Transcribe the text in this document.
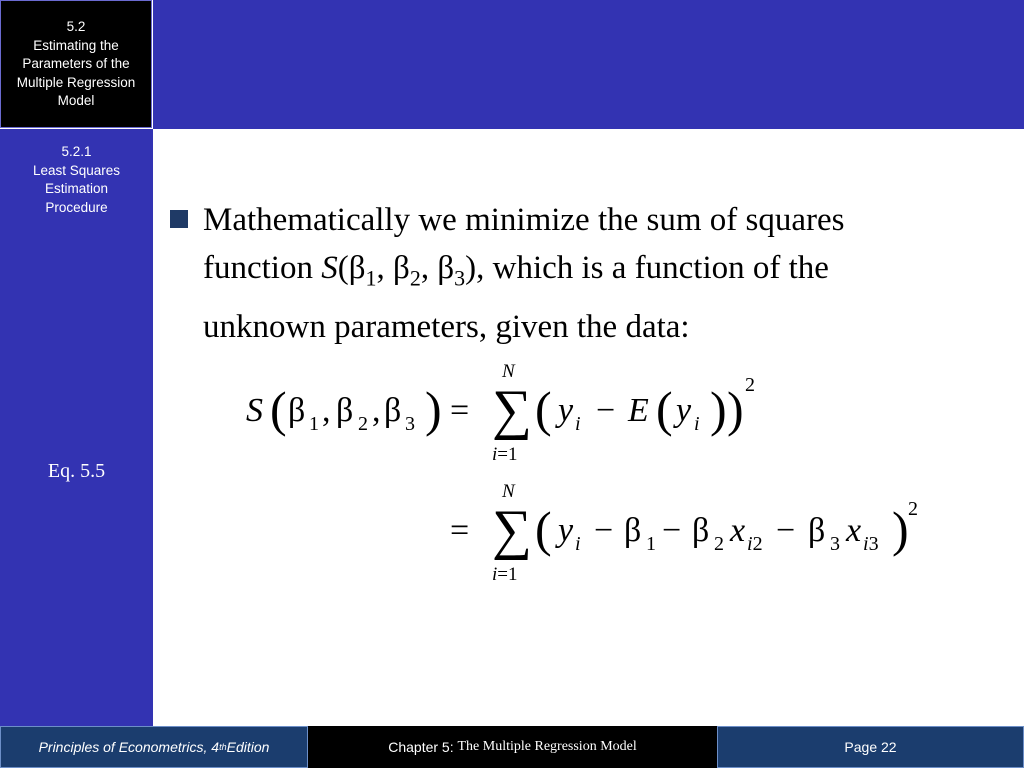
5.2
Estimating the Parameters of the Multiple Regression Model
5.2.1
Least Squares Estimation Procedure
Eq. 5.5
Mathematically we minimize the sum of squares
function $S(\beta_1$, $\beta_2$, $\beta_3$), which is a function of the
unknown parameters, given the data:
S ( β 1 , β 2 , β 3 ) = ∑
N
i=1
( y i − E ( y i ) ) 2
= ∑
N
i=1
( y i − β 1 − β 2 x i2 − β 3 x i3 ) 2
Principles of Econometrics, 4 th Edition	Chapter 5: The Multiple Regression Model	Page 22
